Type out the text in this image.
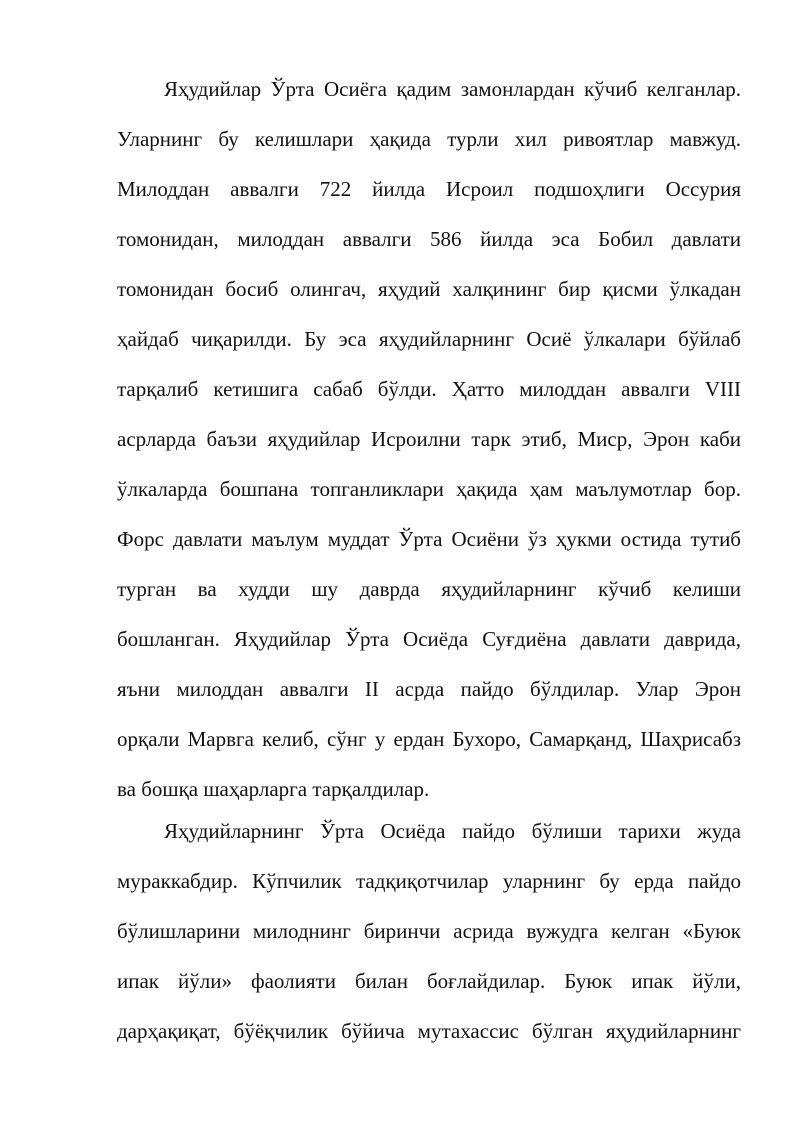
Яҳудийлар Ўрта Осиёга қадим замонлардан кўчиб келганлар.
Уларнинг бу келишлари ҳақида турли хил ривоятлар мавжуд.
Милоддан аввалги 722 йилда Исроил подшоҳлиги Оссурия
томонидан, милоддан аввалги 586 йилда эса Бобил давлати
томонидан босиб олингач, яҳудий халқининг бир қисми ўлкадан
ҳайдаб чиқарилди. Бу эса яҳудийларнинг Осиё ўлкалари бўйлаб
тарқалиб кетишига сабаб бўлди. Ҳатто милоддан аввалги VIII
асрларда баъзи яҳудийлар Исроилни тарк этиб, Миср, Эрон каби
ўлкаларда бошпана топганликлари ҳақида ҳам маълумотлар бор.
Форс давлати маълум муддат Ўрта Осиёни ўз ҳукми остида тутиб
турган ва худди шу даврда яҳудийларнинг кўчиб келиши
бошланган. Яҳудийлар Ўрта Осиёда Суғдиёна давлати даврида,
яъни милоддан аввалги II асрда пайдо бўлдилар. Улар Эрон
орқали Марвга келиб, сўнг у ердан Бухоро, Самарқанд, Шаҳрисабз
ва бошқа шаҳарларга тарқалдилар.
Яҳудийларнинг Ўрта Осиёда пайдо бўлиши тарихи жуда
мураккабдир. Кўпчилик тадқиқотчилар уларнинг бу ерда пайдо
бўлишларини милоднинг биринчи асрида вужудга келган «Буюк
ипак йўли» фаолияти билан боғлайдилар. Буюк ипак йўли,
дарҳақиқат, бўёқчилик бўйича мутахассис бўлган яҳудийларнинг
